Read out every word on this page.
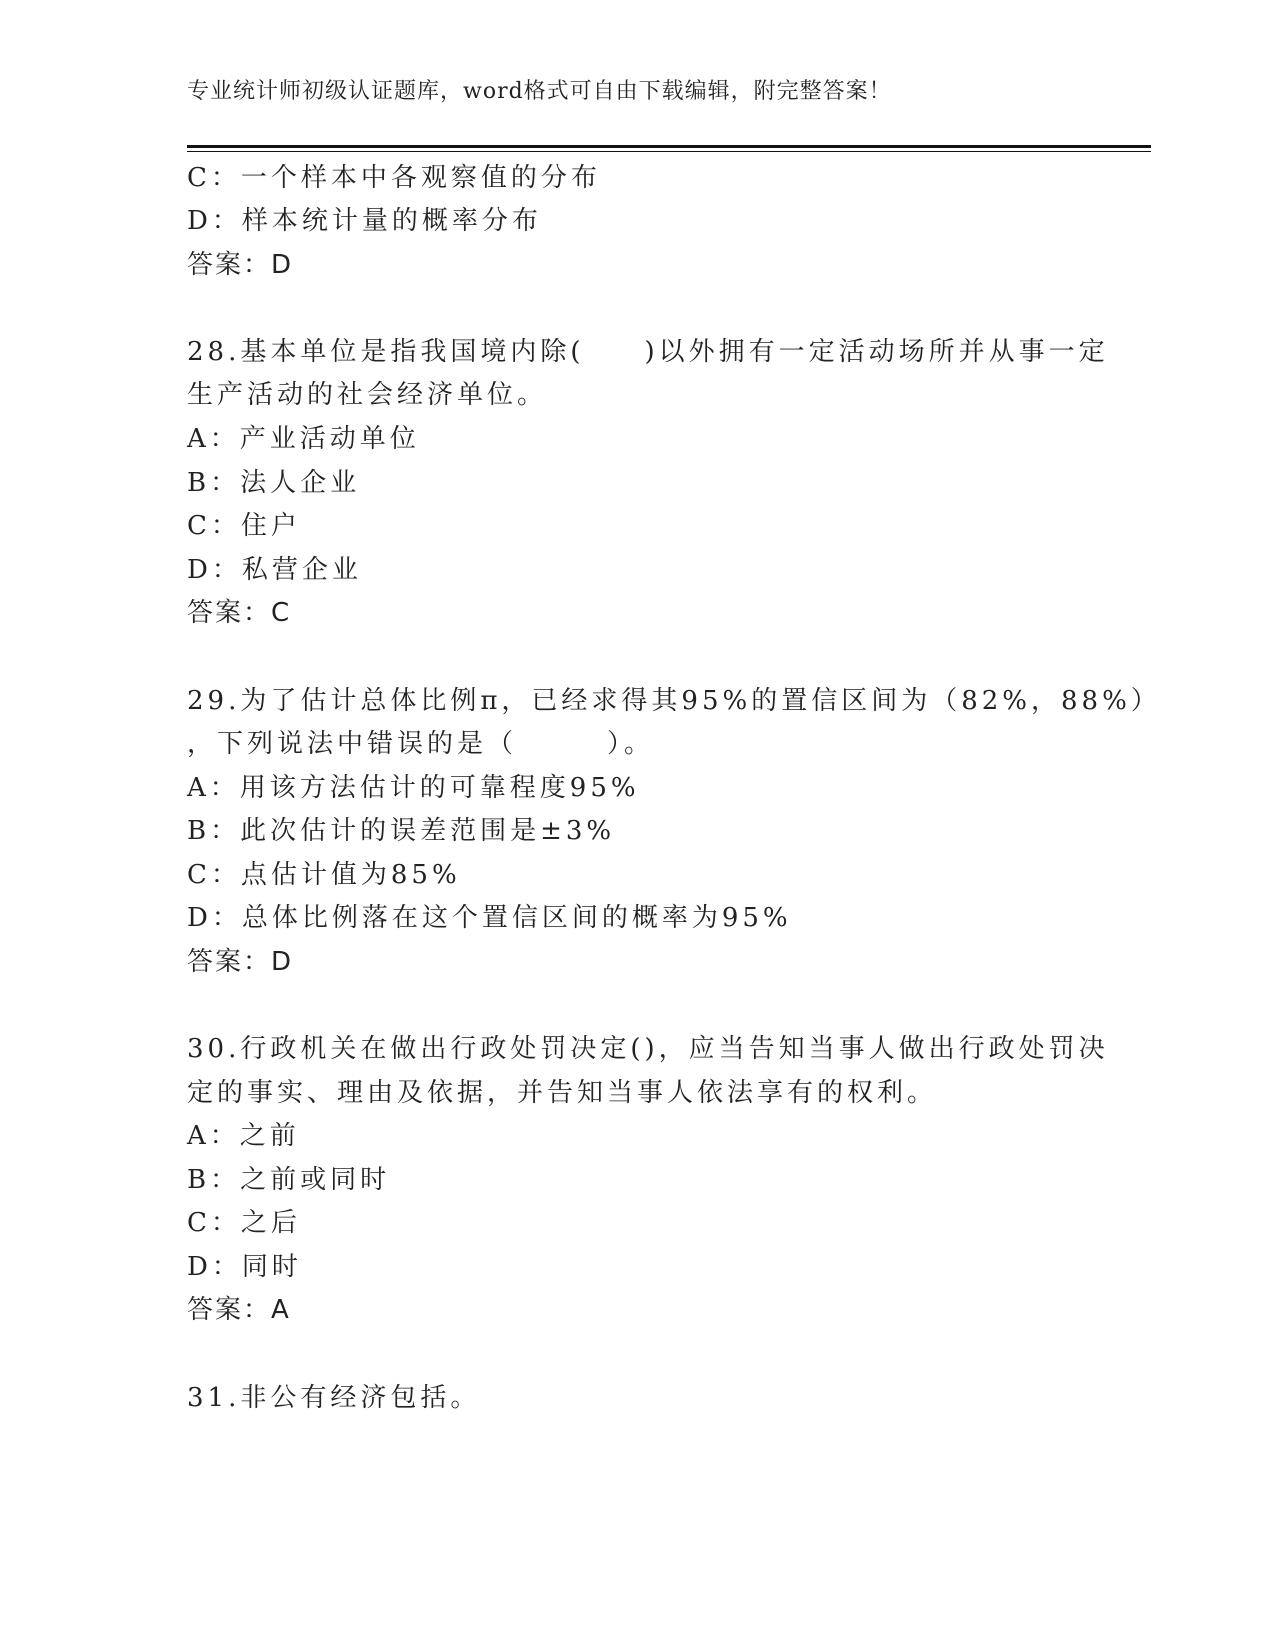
专业统计师初级认证题库，word格式可自由下载编辑，附完整答案！
C：一个样本中各观察值的分布
D：样本统计量的概率分布
答案：D
28.基本单位是指我国境内除(　　)以外拥有一定活动场所并从事一定
生产活动的社会经济单位。
A：产业活动单位
B：法人企业
C：住户
D：私营企业
答案：C
29.为了估计总体比例π，已经求得其95%的置信区间为（82%，88%）
，下列说法中错误的是（　　　）。
A：用该方法估计的可靠程度95%
B：此次估计的误差范围是±3%
C：点估计值为85%
D：总体比例落在这个置信区间的概率为95%
答案：D
30.行政机关在做出行政处罚决定()，应当告知当事人做出行政处罚决
定的事实、理由及依据，并告知当事人依法享有的权利。
A：之前
B：之前或同时
C：之后
D：同时
答案：A
31.非公有经济包括。
